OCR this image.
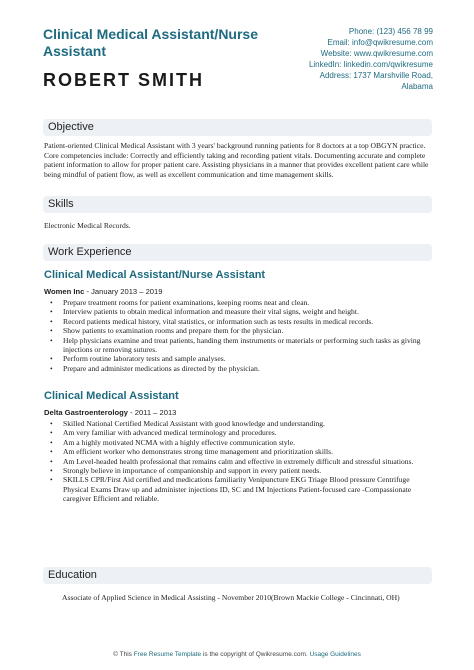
Clinical Medical Assistant/Nurse Assistant
ROBERT SMITH
Phone: (123) 456 78 99
Email: info@qwikresume.com
Website: www.qwikresume.com
LinkedIn: linkedin.com/qwikresume
Address: 1737 Marshville Road,
Alabama
Objective
Patient-oriented Clinical Medical Assistant with 3 years' background running patients for 8 doctors at a top OBGYN practice. Core competencies include: Correctly and efficiently taking and recording patient vitals. Documenting accurate and complete patient information to allow for proper patient care. Assisting physicians in a manner that provides excellent patient care while being mindful of patient flow, as well as excellent communication and time management skills.
Skills
Electronic Medical Records.
Work Experience
Clinical Medical Assistant/Nurse Assistant
Women Inc - January 2013 – 2019
• Prepare treatment rooms for patient examinations, keeping rooms neat and clean.
• Interview patients to obtain medical information and measure their vital signs, weight and height.
• Record patients medical history, vital statistics, or information such as tests results in medical records.
• Show patients to examination rooms and prepare them for the physician.
• Help physicians examine and treat patients, handing them instruments or materials or performing such tasks as giving injections or removing sutures.
• Perform routine laboratory tests and sample analyses.
• Prepare and administer medications as directed by the physician.
Clinical Medical Assistant
Delta Gastroenterology - 2011 – 2013
• Skilled National Certified Medical Assistant with good knowledge and understanding.
• Am very familiar with advanced medical terminology and procedures.
• Am a highly motivated NCMA with a highly effective communication style.
• Am efficient worker who demonstrates strong time management and prioritization skills.
• Am Level-headed health professional that remains calm and effective in extremely difficult and stressful situations.
• Strongly believe in importance of companionship and support in every patient needs.
• SKILLS CPR/First Aid certified and medications familiarity Venipuncture EKG Triage Blood pressure Centrifuge Physical Exams Draw up and administer injections ID, SC and IM Injections Patient-focused care -Compassionate caregiver Efficient and reliable.
Education
Associate of Applied Science in Medical Assisting - November 2010(Brown Mackie College - Cincinnati, OH)
© This Free Resume Template is the copyright of Qwikresume.com. Usage Guidelines
